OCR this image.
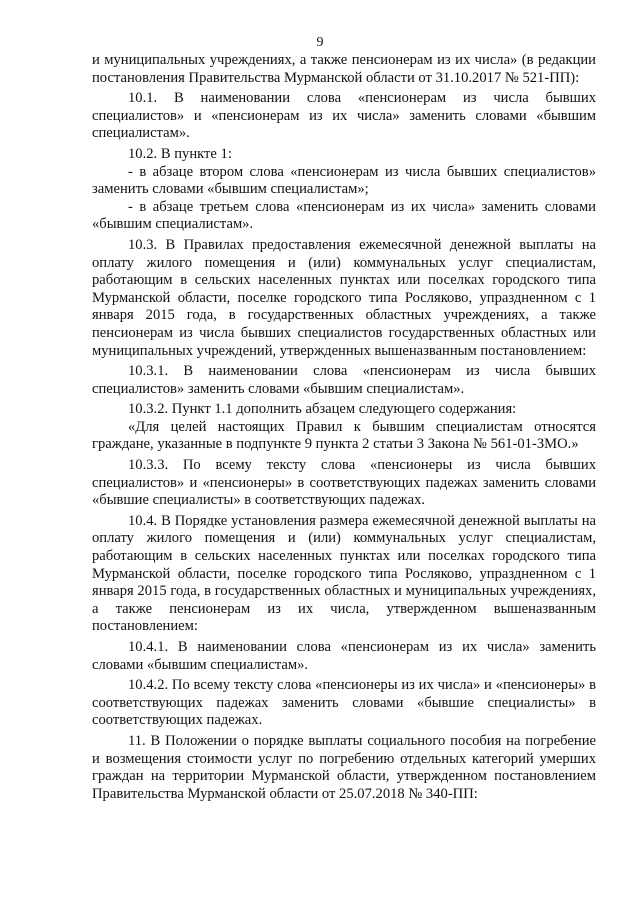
9

и муниципальных учреждениях, а также пенсионерам из их числа» (в редакции постановления Правительства Мурманской области от 31.10.2017 № 521-ПП):

10.1. В наименовании слова «пенсионерам из числа бывших специалистов» и «пенсионерам из их числа» заменить словами «бывшим специалистам».

10.2. В пункте 1:

- в абзаце втором слова «пенсионерам из числа бывших специалистов» заменить словами «бывшим специалистам»;

- в абзаце третьем слова «пенсионерам из их числа» заменить словами «бывшим специалистам».

10.3. В Правилах предоставления ежемесячной денежной выплаты на оплату жилого помещения и (или) коммунальных услуг специалистам, работающим в сельских населенных пунктах или поселках городского типа Мурманской области, поселке городского типа Росляково, упраздненном с 1 января 2015 года, в государственных областных учреждениях, а также пенсионерам из числа бывших специалистов государственных областных или муниципальных учреждений, утвержденных вышеназванным постановлением:

10.3.1. В наименовании слова «пенсионерам из числа бывших специалистов» заменить словами «бывшим специалистам».

10.3.2. Пункт 1.1 дополнить абзацем следующего содержания:

«Для целей настоящих Правил к бывшим специалистам относятся граждане, указанные в подпункте 9 пункта 2 статьи 3 Закона № 561-01-ЗМО.»

10.3.3. По всему тексту слова «пенсионеры из числа бывших специалистов» и «пенсионеры» в соответствующих падежах заменить словами «бывшие специалисты» в соответствующих падежах.

10.4. В Порядке установления размера ежемесячной денежной выплаты на оплату жилого помещения и (или) коммунальных услуг специалистам, работающим в сельских населенных пунктах или поселках городского типа Мурманской области, поселке городского типа Росляково, упраздненном с 1 января 2015 года, в государственных областных и муниципальных учреждениях, а также пенсионерам из их числа, утвержденном вышеназванным постановлением:

10.4.1. В наименовании слова «пенсионерам из их числа» заменить словами «бывшим специалистам».

10.4.2. По всему тексту слова «пенсионеры из их числа» и «пенсионеры» в соответствующих падежах заменить словами «бывшие специалисты» в соответствующих падежах.

11. В Положении о порядке выплаты социального пособия на погребение и возмещения стоимости услуг по погребению отдельных категорий умерших граждан на территории Мурманской области, утвержденном постановлением Правительства Мурманской области от 25.07.2018 № 340-ПП:
